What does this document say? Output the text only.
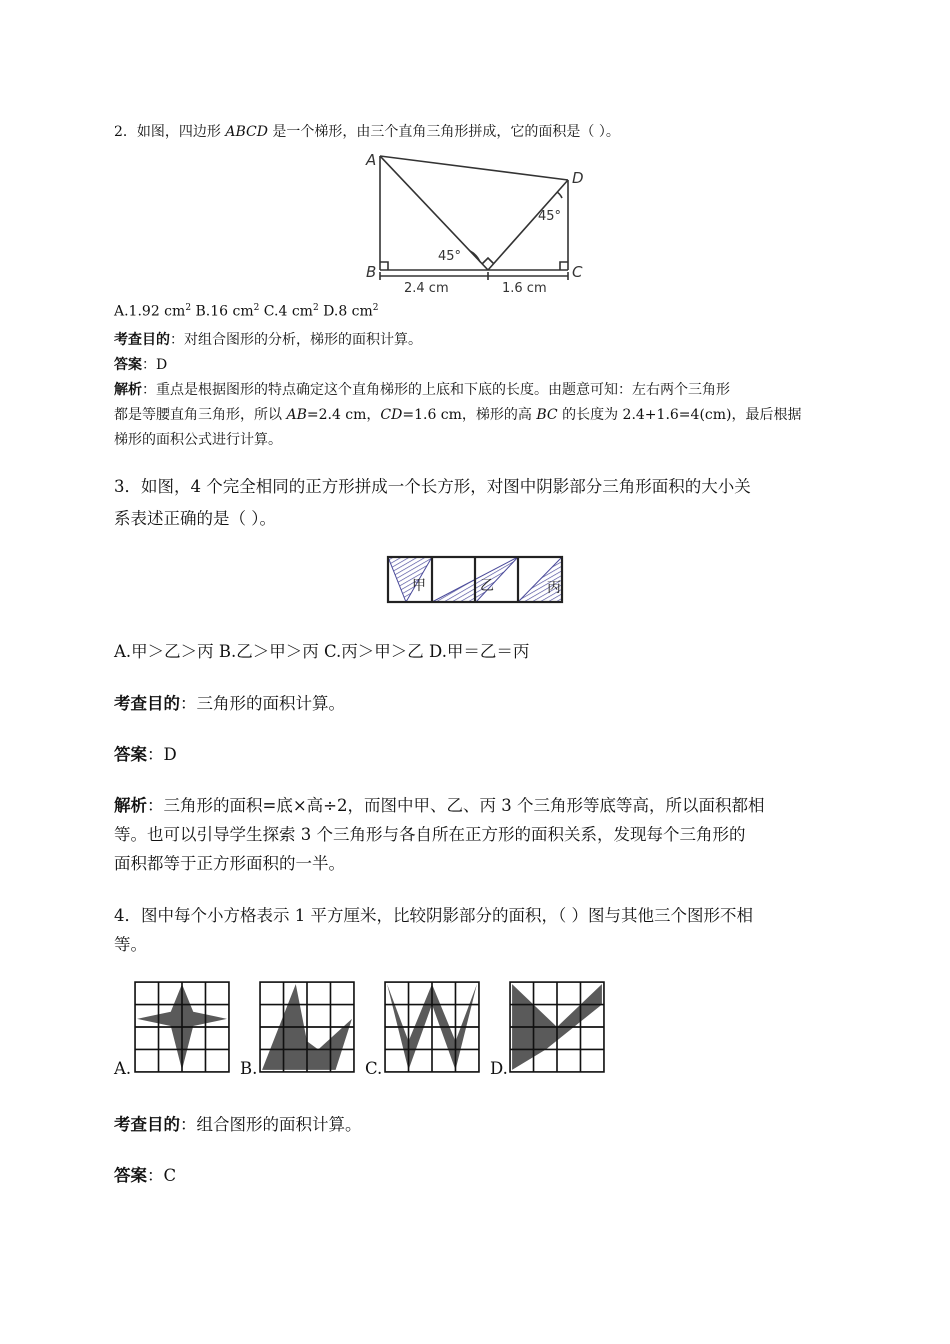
2．如图，四边形 ABCD 是一个梯形，由三个直角三角形拼成，它的面积是（ ）。
A
D
B	C
45°
45°
2.4 cm	1.6 cm
A.1.92 $cm^2$ B.16 $cm^2$ C.4 $cm^2$ D.8 $cm^2$
考查目的：对组合图形的分析，梯形的面积计算。
答案：D
解析：重点是根据图形的特点确定这个直角梯形的上底和下底的长度。由题意可知：左右两个三角形
都是等腰直角三角形，所以 AB=2.4 cm，CD=1.6 cm，梯形的高 BC 的长度为 2.4+1.6=4(cm)，最后根据
梯形的面积公式进行计算。
3．如图，4 个完全相同的正方形拼成一个长方形，对图中阴影部分三角形面积的大小关
系表述正确的是（ ）。
甲	乙	丙
A.甲＞乙＞丙 B.乙＞甲＞丙 C.丙＞甲＞乙 D.甲＝乙＝丙
考查目的：三角形的面积计算。
答案：D
解析：三角形的面积=底×高÷2，而图中甲、乙、丙 3 个三角形等底等高，所以面积都相
等。也可以引导学生探索 3 个三角形与各自所在正方形的面积关系，发现每个三角形的
面积都等于正方形面积的一半。
4．图中每个小方格表示 1 平方厘米，比较阴影部分的面积，（ ）图与其他三个图形不相
等。
A.	B.	C.	D.
考查目的：组合图形的面积计算。
答案：C
